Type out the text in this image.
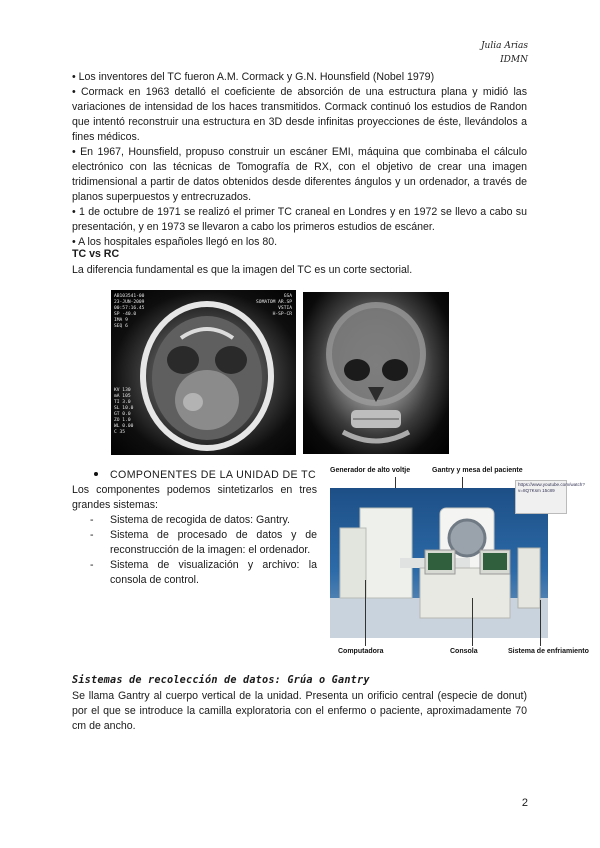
Julia Arias
IDMN

• Los inventores del TC fueron A.M. Cormack y G.N. Hounsfield (Nobel 1979)

• Cormack en 1963 detalló el coeficiente de absorción de una estructura plana y midió las variaciones de intensidad de los haces transmitidos. Cormack continuó los estudios de Randon que intentó reconstruir una estructura en 3D desde infinitas proyecciones de éste, llevándolos a fines médicos.

• En 1967, Hounsfield, propuso construir un escáner EMI, máquina que combinaba el cálculo electrónico con las técnicas de Tomografía de RX, con el objetivo de crear una imagen tridimensional a partir de datos obtenidos desde diferentes ángulos y un ordenador, a través de planos superpuestos y entrecruzados.

• 1 de octubre de 1971 se realizó el primer TC craneal en Londres y en 1972 se llevo a cabo su presentación, y en 1973 se llevaron a cabo los primeros estudios de escáner.

• A los hospitales españoles llegó en los 80.

TC vs RC
La diferencia fundamental es que la imagen del TC es un corte sectorial.
AB103541-00
23-JUN-2009
00:57:16.45
SP -40.0
IMA 9
SEQ 6
GSA
SOMATOM AR.SP
VSTIA
H-SP-CR
KV 130
mA 105
TI 3.0
SL 10.0
GT 0.0
ZO 1.0
WL 0.00
C 35
COMPONENTES DE LA UNIDAD DE TC
Los componentes podemos sintetizarlos en tres grandes sistemas:
- Sistema de recogida de datos: Gantry.
- Sistema de procesado de datos y de reconstrucción de la imagen: el ordenador.
- Sistema de visualización y archivo: la consola de control.
Generador de alto voltje	Gantry y mesa del paciente
https://www.youtube.com/watch?v=8Q7Ksm 15c89
Computadora	Consola	Sistema de enfriamiento
Sistemas de recolección de datos: Grúa o Gantry
Se llama Gantry al cuerpo vertical de la unidad. Presenta un orificio central (especie de donut) por el que se introduce la camilla exploratoria con el enfermo o paciente, aproximadamente 70 cm de ancho.
2
